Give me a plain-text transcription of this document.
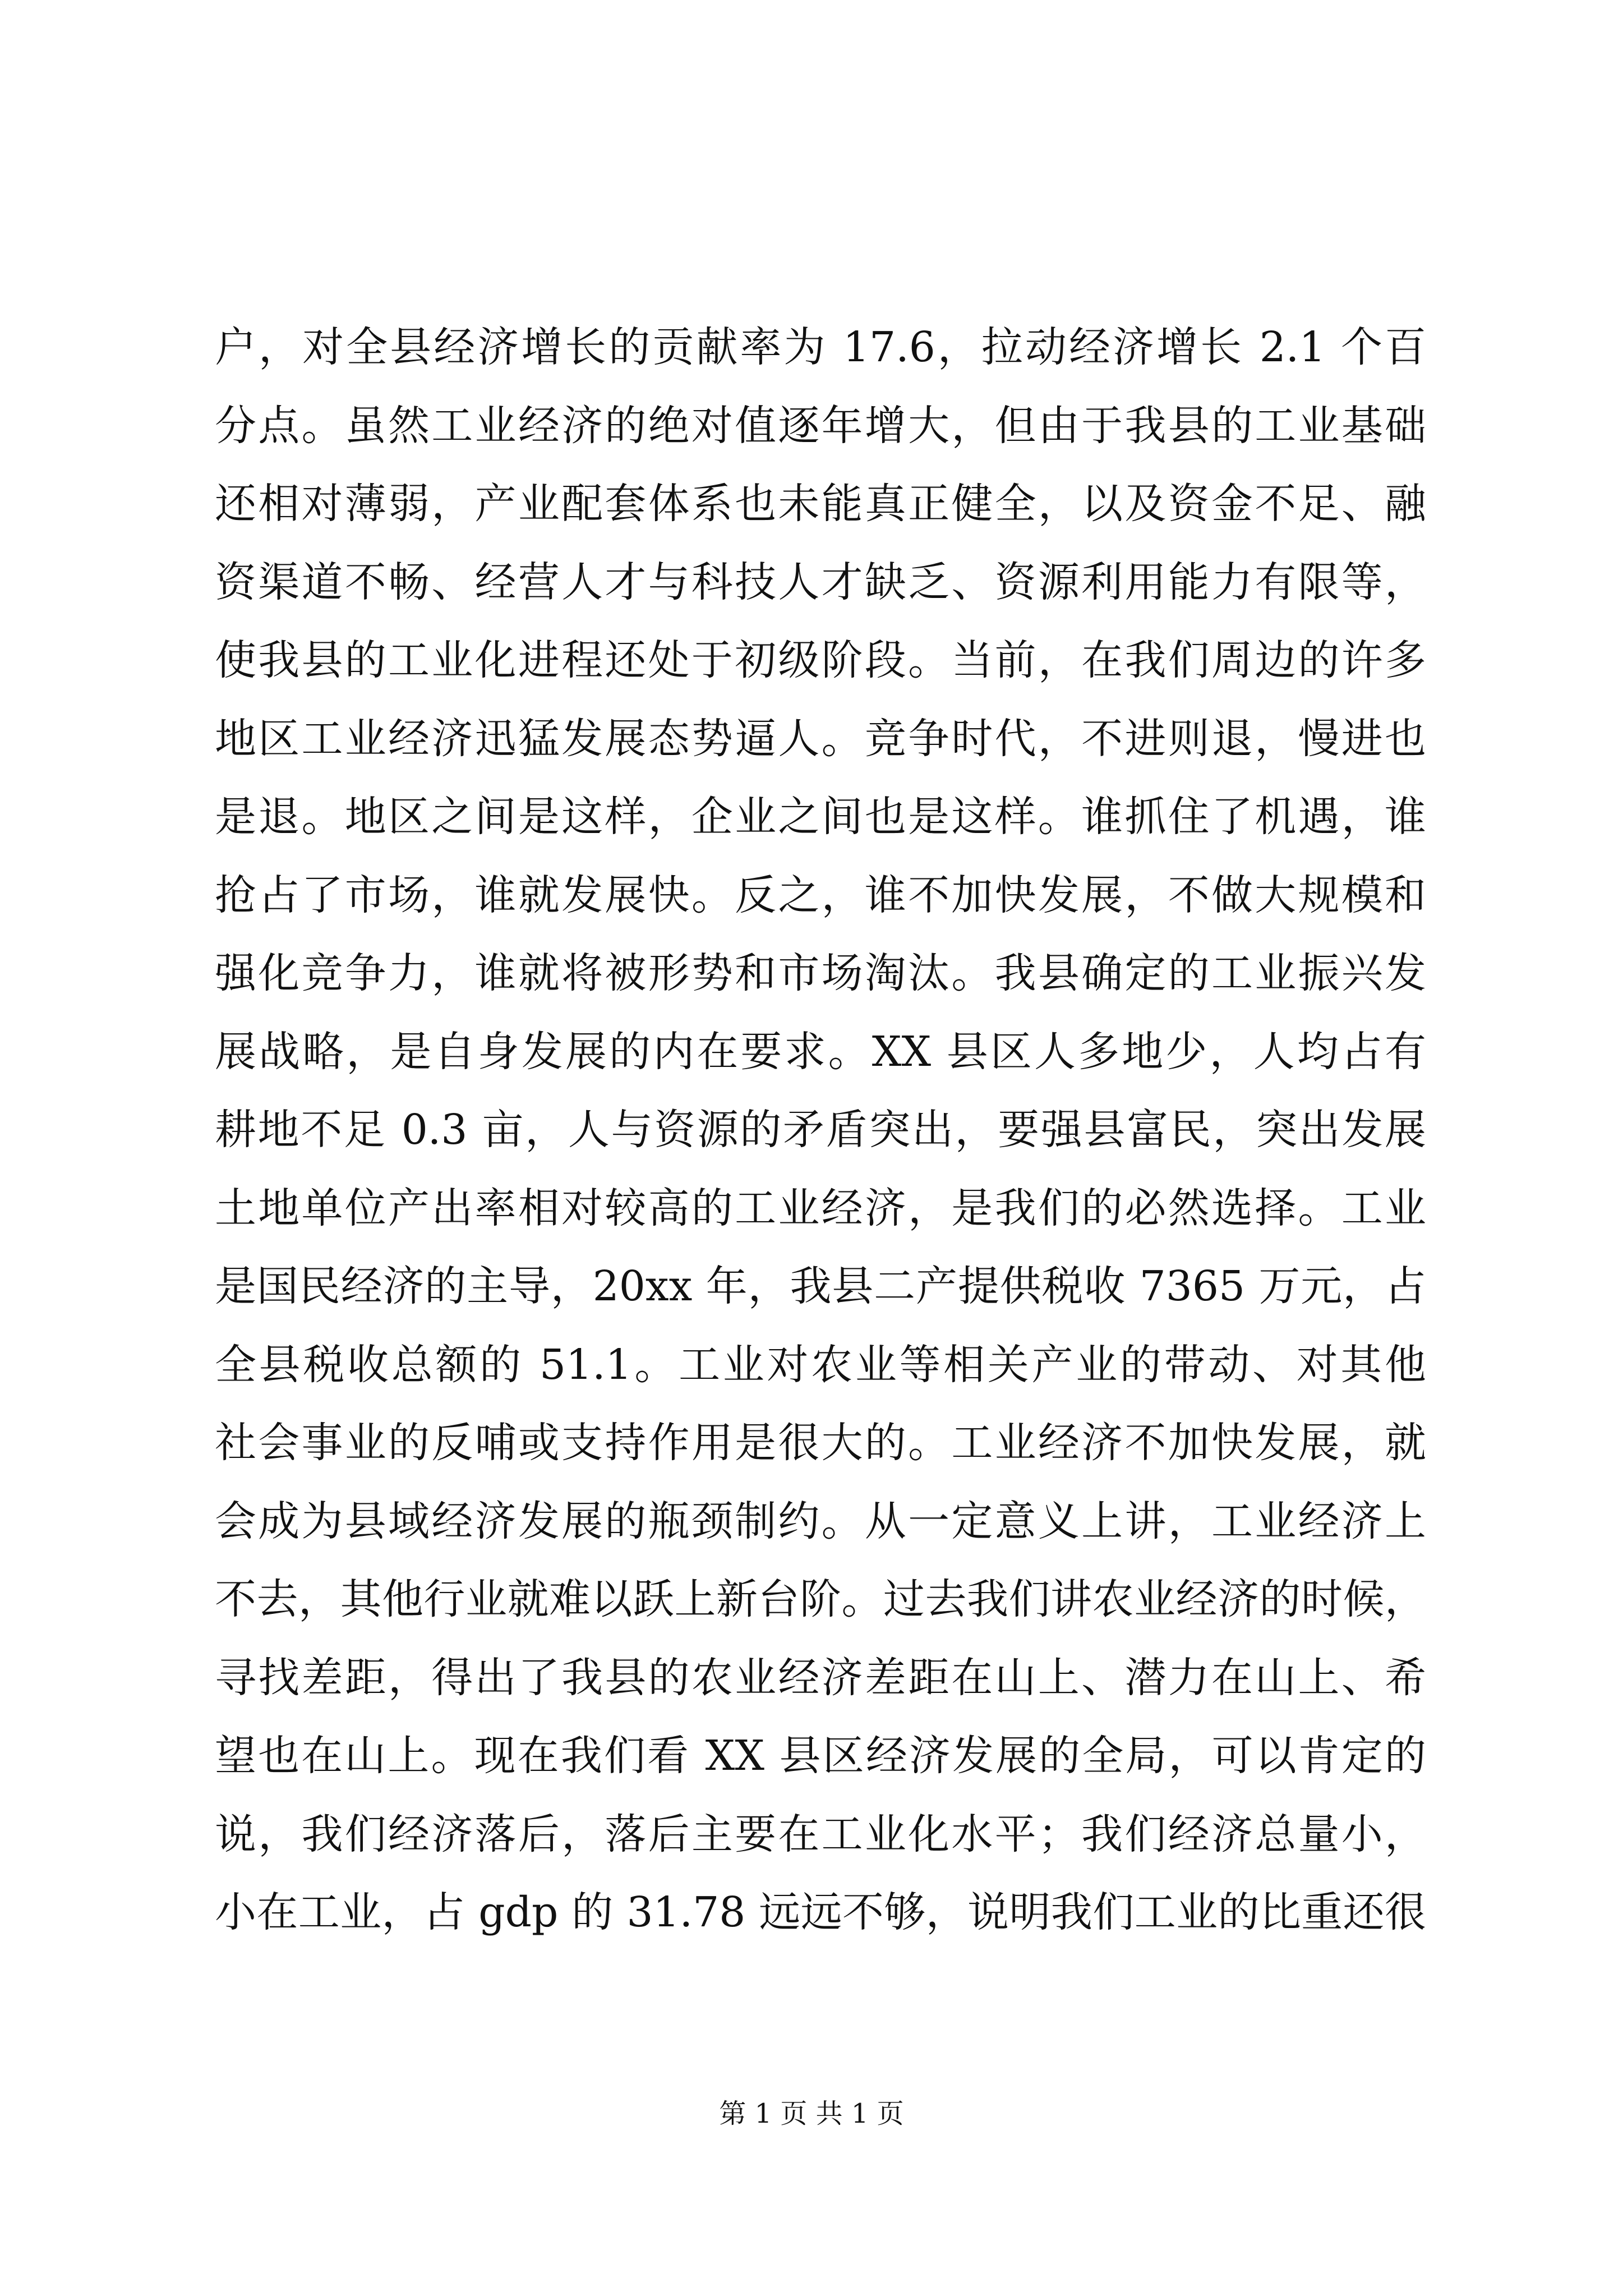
户，对全县经济增长的贡献率为 17.6，拉动经济增长 2.1 个百
分点。虽然工业经济的绝对值逐年增大，但由于我县的工业基础
还相对薄弱，产业配套体系也未能真正健全，以及资金不足、融
资渠道不畅、经营人才与科技人才缺乏、资源利用能力有限等，
使我县的工业化进程还处于初级阶段。当前，在我们周边的许多
地区工业经济迅猛发展态势逼人。竞争时代，不进则退，慢进也
是退。地区之间是这样，企业之间也是这样。谁抓住了机遇，谁
抢占了市场，谁就发展快。反之，谁不加快发展，不做大规模和
强化竞争力，谁就将被形势和市场淘汰。我县确定的工业振兴发
展战略，是自身发展的内在要求。XX 县区人多地少，人均占有
耕地不足 0.3 亩，人与资源的矛盾突出，要强县富民，突出发展
土地单位产出率相对较高的工业经济，是我们的必然选择。工业
是国民经济的主导，20xx 年，我县二产提供税收 7365 万元，占
全县税收总额的 51.1。工业对农业等相关产业的带动、对其他
社会事业的反哺或支持作用是很大的。工业经济不加快发展，就
会成为县域经济发展的瓶颈制约。从一定意义上讲，工业经济上
不去，其他行业就难以跃上新台阶。过去我们讲农业经济的时候，
寻找差距，得出了我县的农业经济差距在山上、潜力在山上、希
望也在山上。现在我们看 XX 县区经济发展的全局，可以肯定的
说，我们经济落后，落后主要在工业化水平；我们经济总量小，
小在工业，占 gdp 的 31.78 远远不够，说明我们工业的比重还很
第 1 页 共 1 页
